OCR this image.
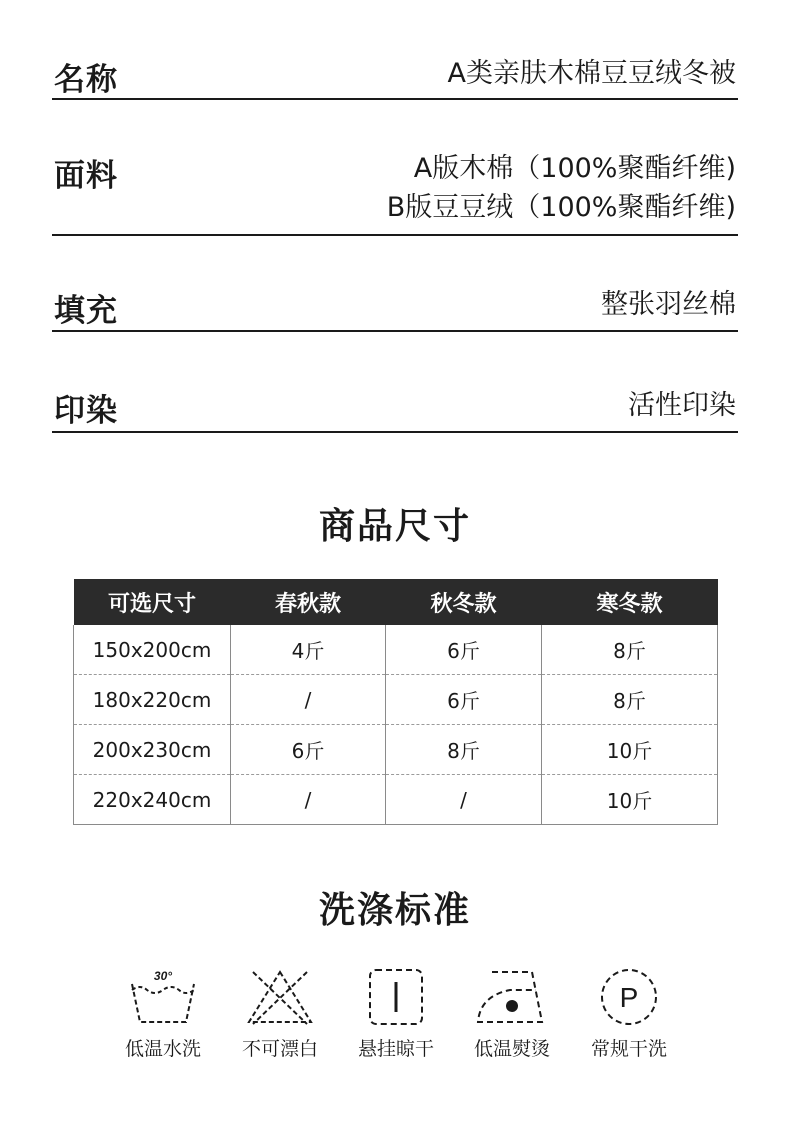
名称	A类亲肤木棉豆豆绒冬被
面料	A版木棉（100%聚酯纤维)
B版豆豆绒（100%聚酯纤维)
填充	整张羽丝棉
印染	活性印染
商品尺寸
可选尺寸	春秋款	秋冬款	寒冬款
150x200cm	4斤	6斤	8斤
180x220cm	/	6斤	8斤
200x230cm	6斤	8斤	10斤
220x240cm	/	/	10斤
洗涤标准
30°
低温水洗	不可漂白	悬挂晾干	低温熨烫
P
常规干洗
